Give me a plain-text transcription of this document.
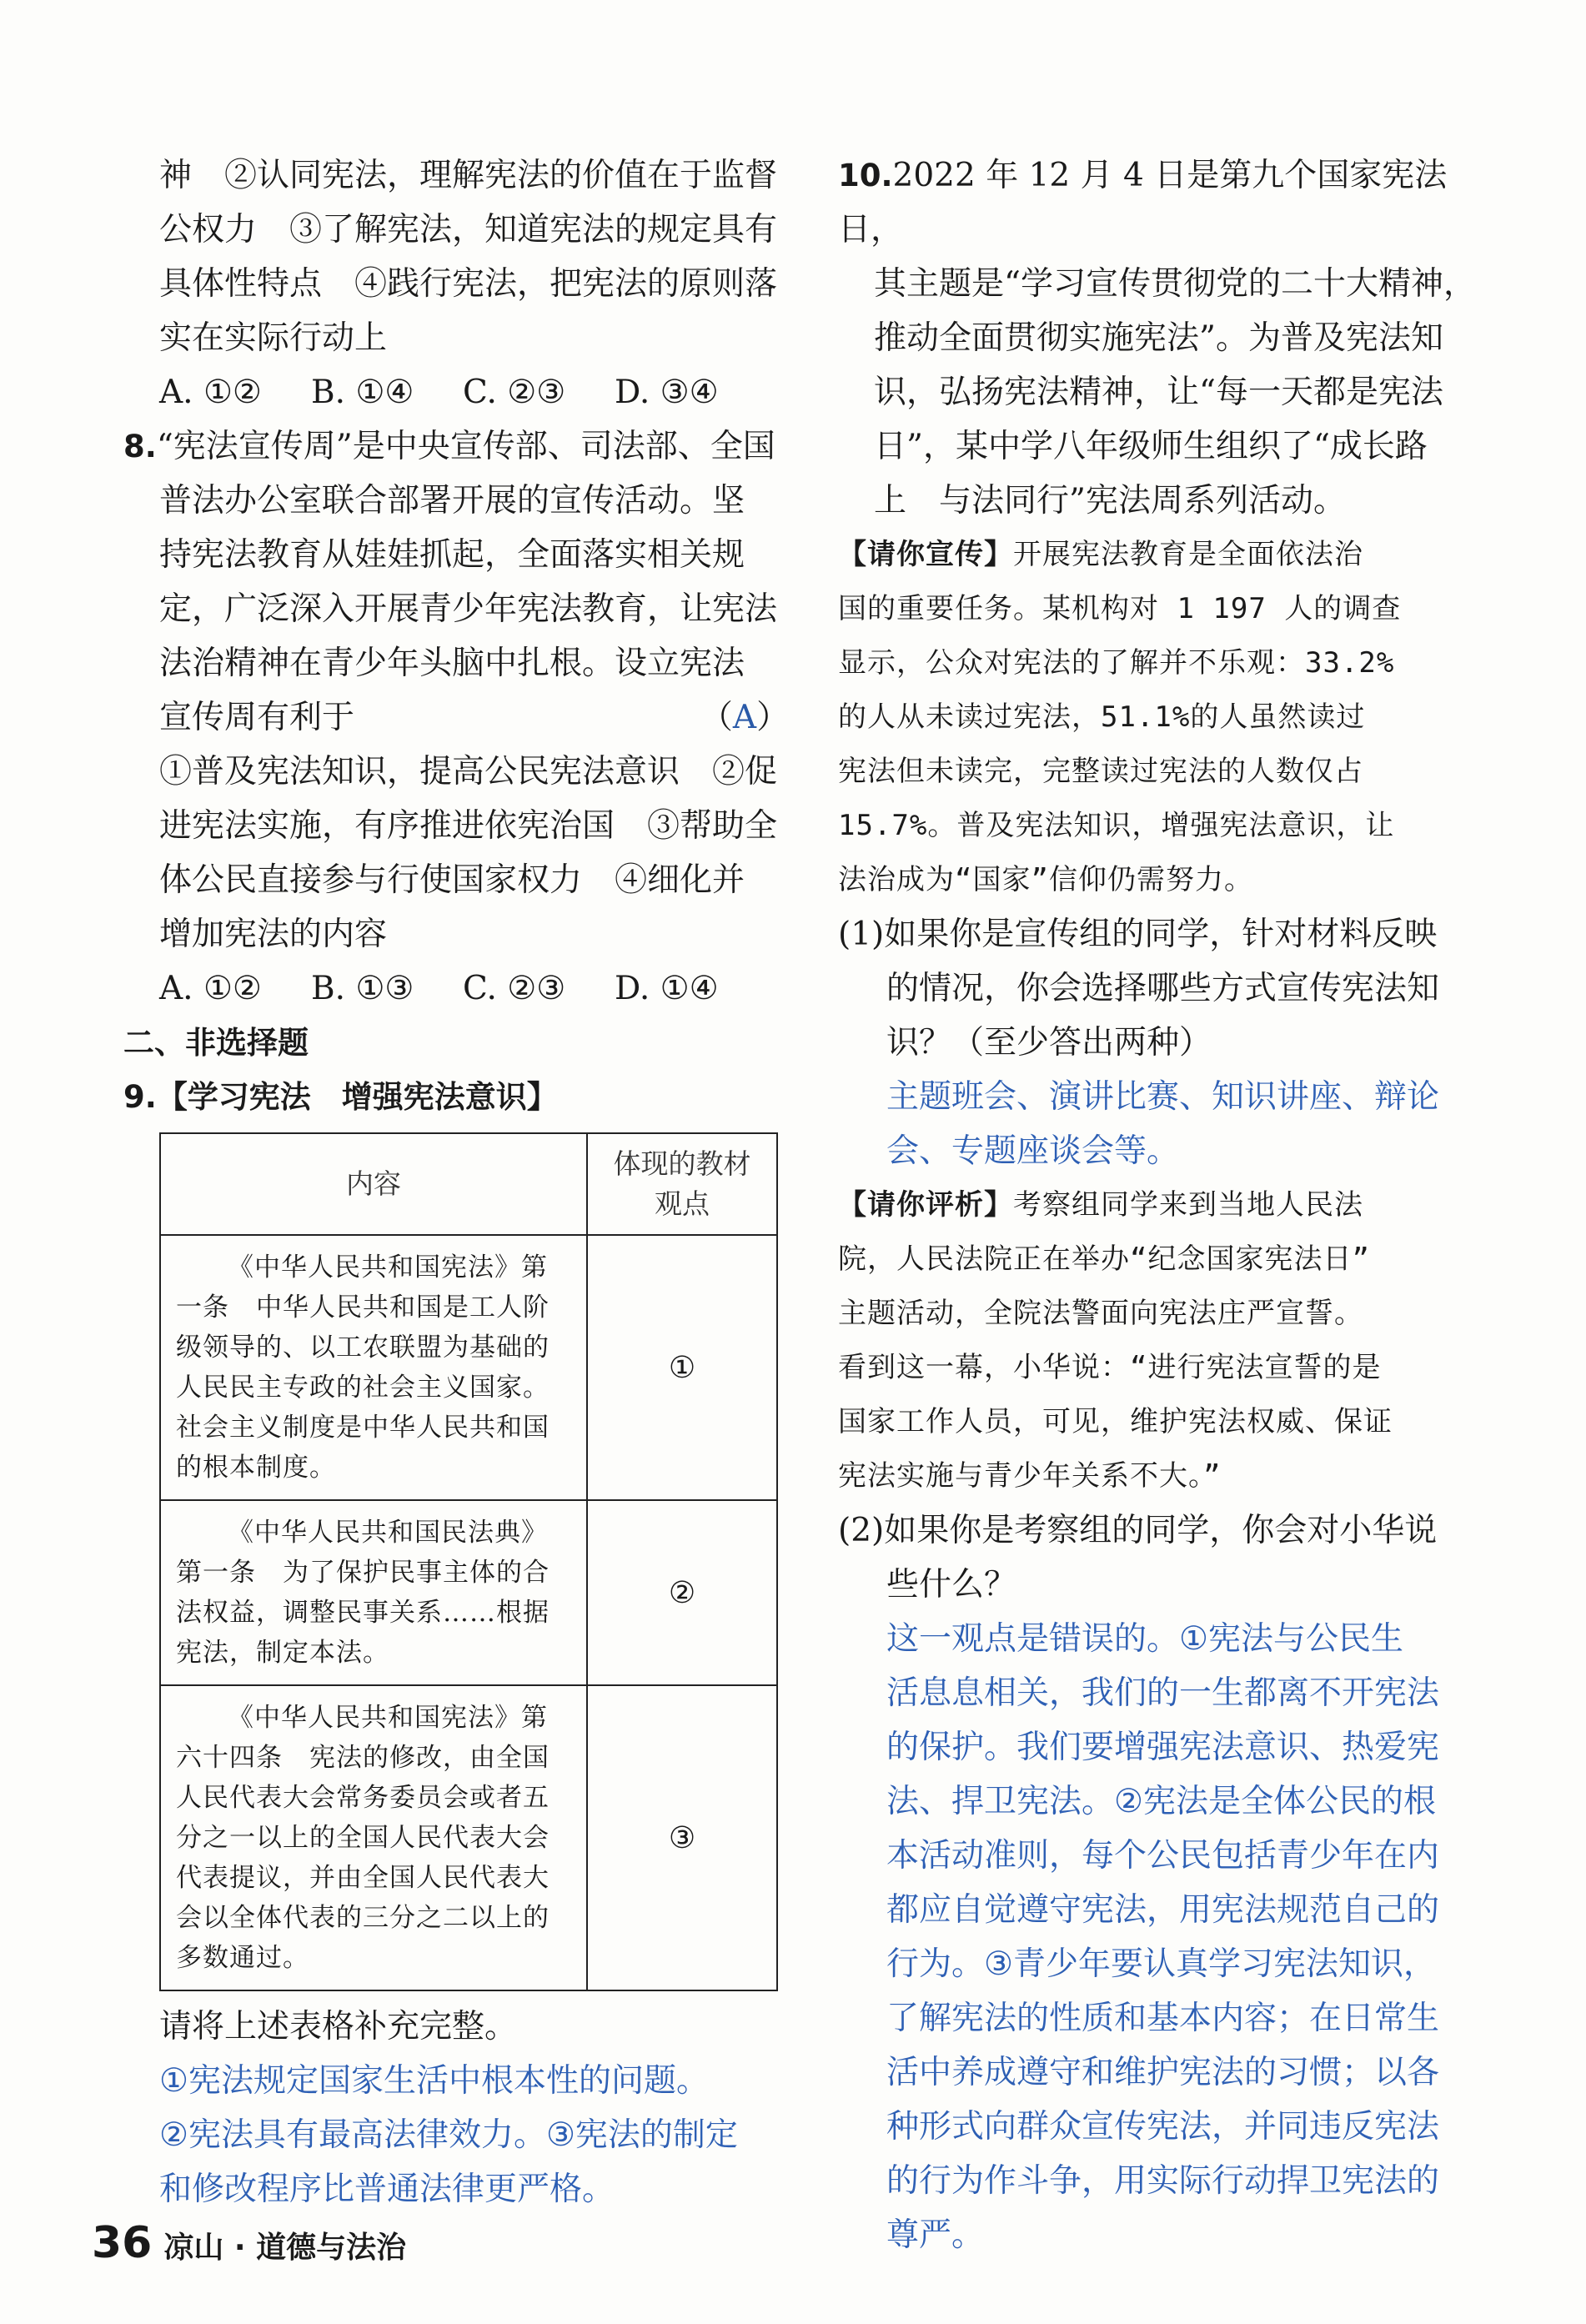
神　②认同宪法，理解宪法的价值在于监督

公权力　③了解宪法，知道宪法的规定具有

具体性特点　④践行宪法，把宪法的原则落

实在实际行动上

A. ①②	B. ①④	C. ②③	D. ③④

8.“宪法宣传周”是中央宣传部、司法部、全国

普法办公室联合部署开展的宣传活动。坚

持宪法教育从娃娃抓起，全面落实相关规

定，广泛深入开展青少年宪法教育，让宪法

法治精神在青少年头脑中扎根。设立宪法

宣传周有利于	（A）

①普及宪法知识，提高公民宪法意识　②促

进宪法实施，有序推进依宪治国　③帮助全

体公民直接参与行使国家权力　④细化并

增加宪法的内容

A. ①②	B. ①③	C. ②③	D. ①④

二、非选择题

9.【学习宪法　增强宪法意识】

内容	体现的教材观点
《中华人民共和国宪法》第一条　中华人民共和国是工人阶级领导的、以工农联盟为基础的人民民主专政的社会主义国家。社会主义制度是中华人民共和国的根本制度。	①
《中华人民共和国民法典》第一条　为了保护民事主体的合法权益，调整民事关系……根据宪法，制定本法。	②
《中华人民共和国宪法》第六十四条　宪法的修改，由全国人民代表大会常务委员会或者五分之一以上的全国人民代表大会代表提议，并由全国人民代表大会以全体代表的三分之二以上的多数通过。	③

请将上述表格补充完整。

①宪法规定国家生活中根本性的问题。

②宪法具有最高法律效力。③宪法的制定

和修改程序比普通法律更严格。

10.2022 年 12 月 4 日是第九个国家宪法日，

其主题是“学习宣传贯彻党的二十大精神，

推动全面贯彻实施宪法”。为普及宪法知

识，弘扬宪法精神，让“每一天都是宪法

日”，某中学八年级师生组织了“成长路

上　与法同行”宪法周系列活动。

【请你宣传】开展宪法教育是全面依法治

国的重要任务。某机构对 1 197 人的调查

显示，公众对宪法的了解并不乐观：33.2%

的人从未读过宪法，51.1%的人虽然读过

宪法但未读完，完整读过宪法的人数仅占

15.7%。普及宪法知识，增强宪法意识，让

法治成为“国家”信仰仍需努力。

(1)如果你是宣传组的同学，针对材料反映

的情况，你会选择哪些方式宣传宪法知

识？（至少答出两种）

主题班会、演讲比赛、知识讲座、辩论

会、专题座谈会等。

【请你评析】考察组同学来到当地人民法

院，人民法院正在举办“纪念国家宪法日”

主题活动，全院法警面向宪法庄严宣誓。

看到这一幕，小华说：“进行宪法宣誓的是

国家工作人员，可见，维护宪法权威、保证

宪法实施与青少年关系不大。”

(2)如果你是考察组的同学，你会对小华说

些什么？

这一观点是错误的。①宪法与公民生

活息息相关，我们的一生都离不开宪法

的保护。我们要增强宪法意识、热爱宪

法、捍卫宪法。②宪法是全体公民的根

本活动准则，每个公民包括青少年在内

都应自觉遵守宪法，用宪法规范自己的

行为。③青少年要认真学习宪法知识，

了解宪法的性质和基本内容；在日常生

活中养成遵守和维护宪法的习惯；以各

种形式向群众宣传宪法，并同违反宪法

的行为作斗争，用实际行动捍卫宪法的

尊严。

36 凉山 · 道德与法治
